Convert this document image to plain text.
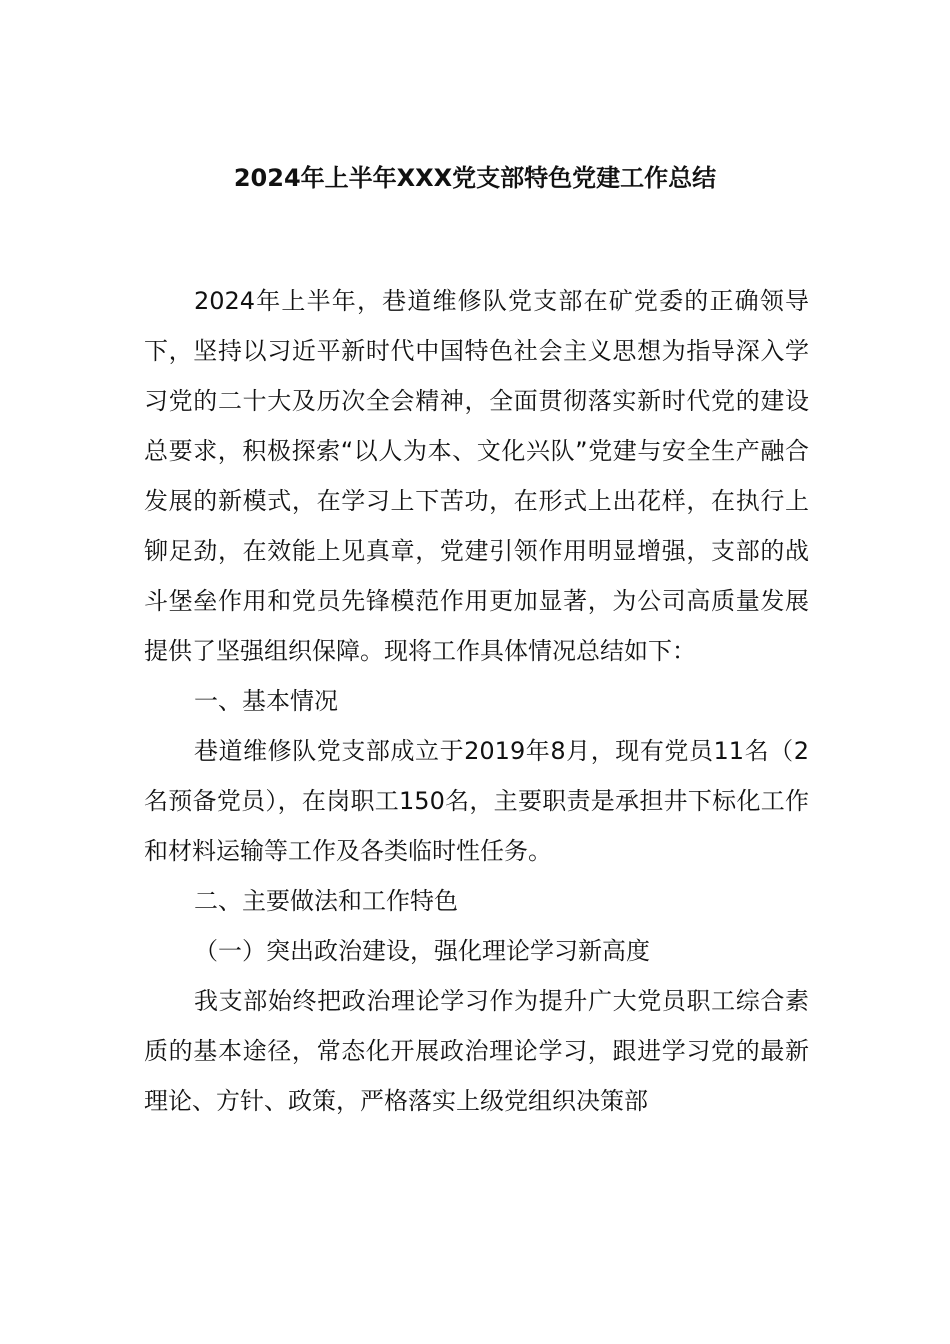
2024年上半年XXX党支部特色党建工作总结

2024年上半年，巷道维修队党支部在矿党委的正确领导下，坚持以习近平新时代中国特色社会主义思想为指导深入学习党的二十大及历次全会精神，全面贯彻落实新时代党的建设总要求，积极探索“以人为本、文化兴队”党建与安全生产融合发展的新模式，在学习上下苦功，在形式上出花样，在执行上铆足劲，在效能上见真章，党建引领作用明显增强，支部的战斗堡垒作用和党员先锋模范作用更加显著，为公司高质量发展提供了坚强组织保障。现将工作具体情况总结如下：

一、基本情况

巷道维修队党支部成立于2019年8月，现有党员11名（2名预备党员），在岗职工150名，主要职责是承担井下标化工作和材料运输等工作及各类临时性任务。

二、主要做法和工作特色

（一）突出政治建设，强化理论学习新高度

我支部始终把政治理论学习作为提升广大党员职工综合素质的基本途径，常态化开展政治理论学习，跟进学习党的最新理论、方针、政策，严格落实上级党组织决策部
